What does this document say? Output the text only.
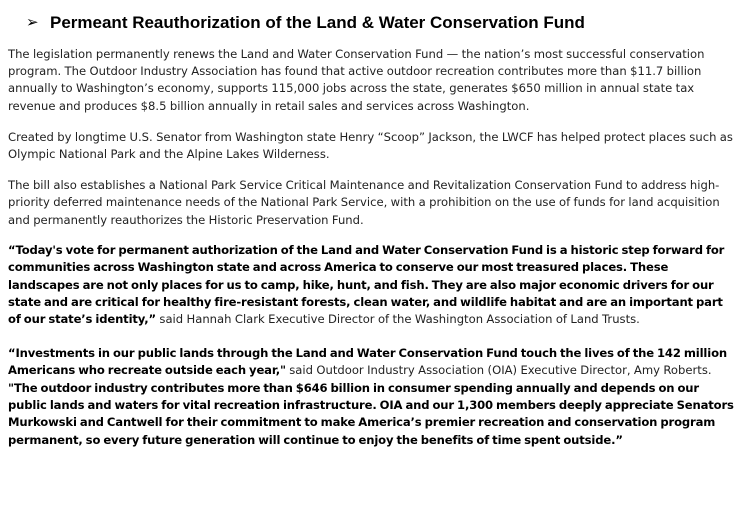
➢ Permeant Reauthorization of the Land & Water Conservation Fund

The legislation permanently renews the Land and Water Conservation Fund — the nation’s most successful conservation program. The Outdoor Industry Association has found that active outdoor recreation contributes more than $11.7 billion annually to Washington’s economy, supports 115,000 jobs across the state, generates $650 million in annual state tax revenue and produces $8.5 billion annually in retail sales and services across Washington.

Created by longtime U.S. Senator from Washington state Henry “Scoop” Jackson, the LWCF has helped protect places such as Olympic National Park and the Alpine Lakes Wilderness.

The bill also establishes a National Park Service Critical Maintenance and Revitalization Conservation Fund to address high-priority deferred maintenance needs of the National Park Service, with a prohibition on the use of funds for land acquisition and permanently reauthorizes the Historic Preservation Fund.

“Today's vote for permanent authorization of the Land and Water Conservation Fund is a historic step forward for communities across Washington state and across America to conserve our most treasured places. These landscapes are not only places for us to camp, hike, hunt, and fish. They are also major economic drivers for our state and are critical for healthy fire-resistant forests, clean water, and wildlife habitat and are an important part of our state’s identity,” said Hannah Clark Executive Director of the Washington Association of Land Trusts.
“Investments in our public lands through the Land and Water Conservation Fund touch the lives of the 142 million Americans who recreate outside each year," said Outdoor Industry Association (OIA) Executive Director, Amy Roberts. "The outdoor industry contributes more than $646 billion in consumer spending annually and depends on our public lands and waters for vital recreation infrastructure. OIA and our 1,300 members deeply appreciate Senators Murkowski and Cantwell for their commitment to make America’s premier recreation and conservation program permanent, so every future generation will continue to enjoy the benefits of time spent outside.”
